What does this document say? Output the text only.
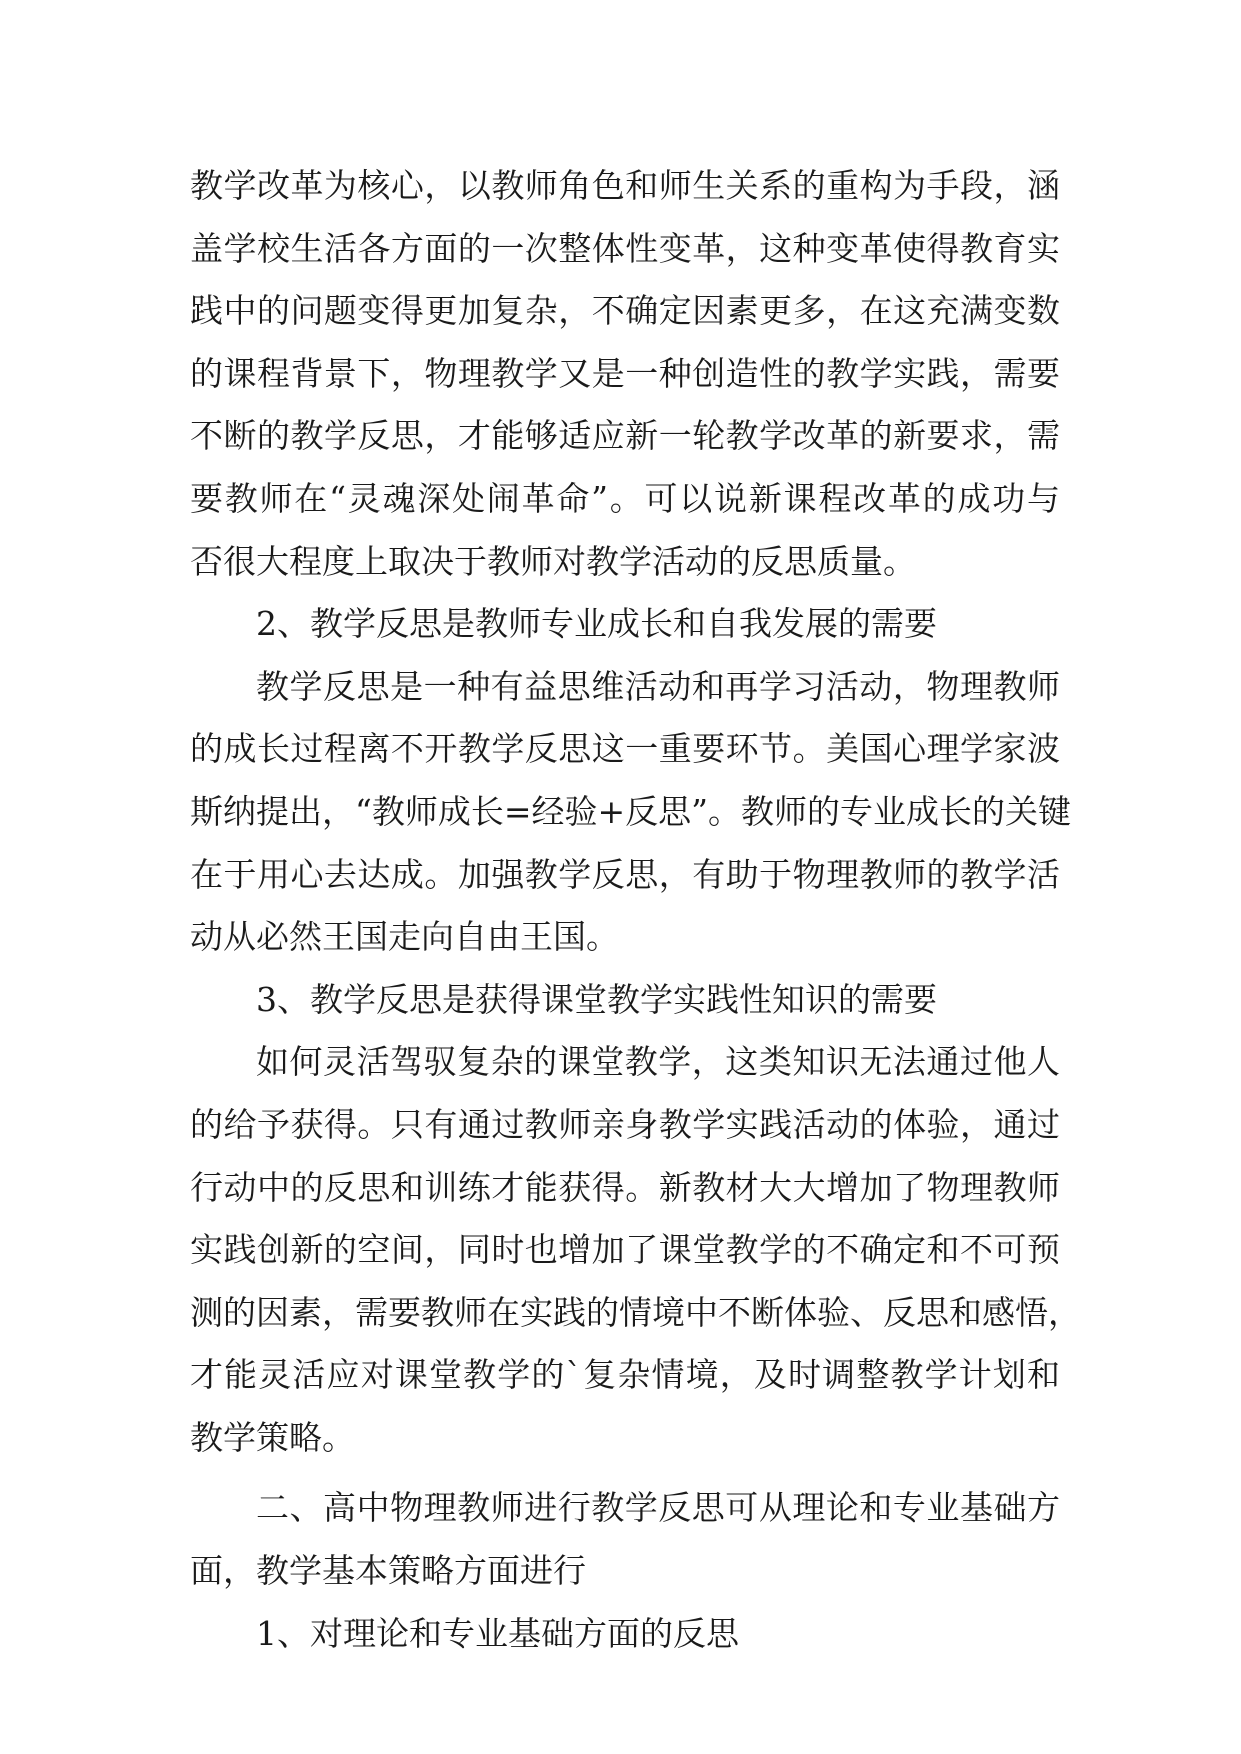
教学改革为核心，以教师角色和师生关系的重构为手段，涵
盖学校生活各方面的一次整体性变革，这种变革使得教育实
践中的问题变得更加复杂，不确定因素更多，在这充满变数
的课程背景下，物理教学又是一种创造性的教学实践，需要
不断的教学反思，才能够适应新一轮教学改革的新要求，需
要教师在“灵魂深处闹革命”。可以说新课程改革的成功与
否很大程度上取决于教师对教学活动的反思质量。
2、教学反思是教师专业成长和自我发展的需要
教学反思是一种有益思维活动和再学习活动，物理教师
的成长过程离不开教学反思这一重要环节。美国心理学家波
斯纳提出，“教师成长=经验+反思”。教师的专业成长的关键
在于用心去达成。加强教学反思，有助于物理教师的教学活
动从必然王国走向自由王国。
3、教学反思是获得课堂教学实践性知识的需要
如何灵活驾驭复杂的课堂教学，这类知识无法通过他人
的给予获得。只有通过教师亲身教学实践活动的体验，通过
行动中的反思和训练才能获得。新教材大大增加了物理教师
实践创新的空间，同时也增加了课堂教学的不确定和不可预
测的因素，需要教师在实践的情境中不断体验、反思和感悟，
才能灵活应对课堂教学的`复杂情境，及时调整教学计划和
教学策略。
二、高中物理教师进行教学反思可从理论和专业基础方
面，教学基本策略方面进行
1、对理论和专业基础方面的反思
